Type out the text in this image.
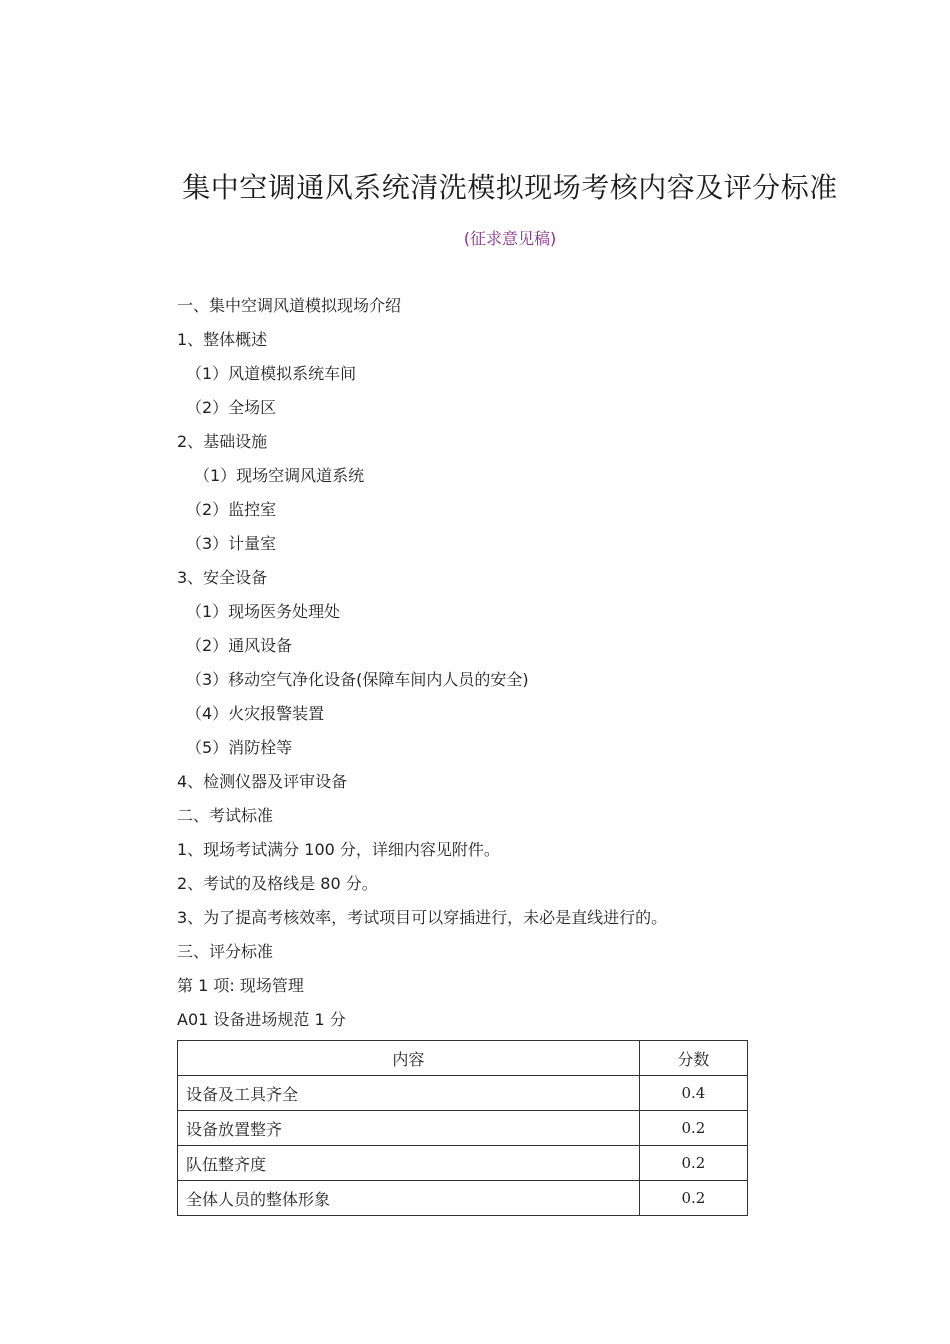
集中空调通风系统清洗模拟现场考核内容及评分标准
(征求意见稿)
一、集中空调风道模拟现场介绍
1、整体概述
（1）风道模拟系统车间
（2）全场区
2、基础设施
（1）现场空调风道系统
（2）监控室
（3）计量室
3、安全设备
（1）现场医务处理处
（2）通风设备
（3）移动空气净化设备(保障车间内人员的安全)
（4）火灾报警装置
（5）消防栓等
4、检测仪器及评审设备
二、考试标准
1、现场考试满分 100 分，详细内容见附件。
2、考试的及格线是 80 分。
3、为了提高考核效率，考试项目可以穿插进行，未必是直线进行的。
三、评分标准
第 1 项: 现场管理
A01 设备进场规范 1 分
内容	分数
设备及工具齐全	0.4
设备放置整齐	0.2
队伍整齐度	0.2
全体人员的整体形象	0.2
